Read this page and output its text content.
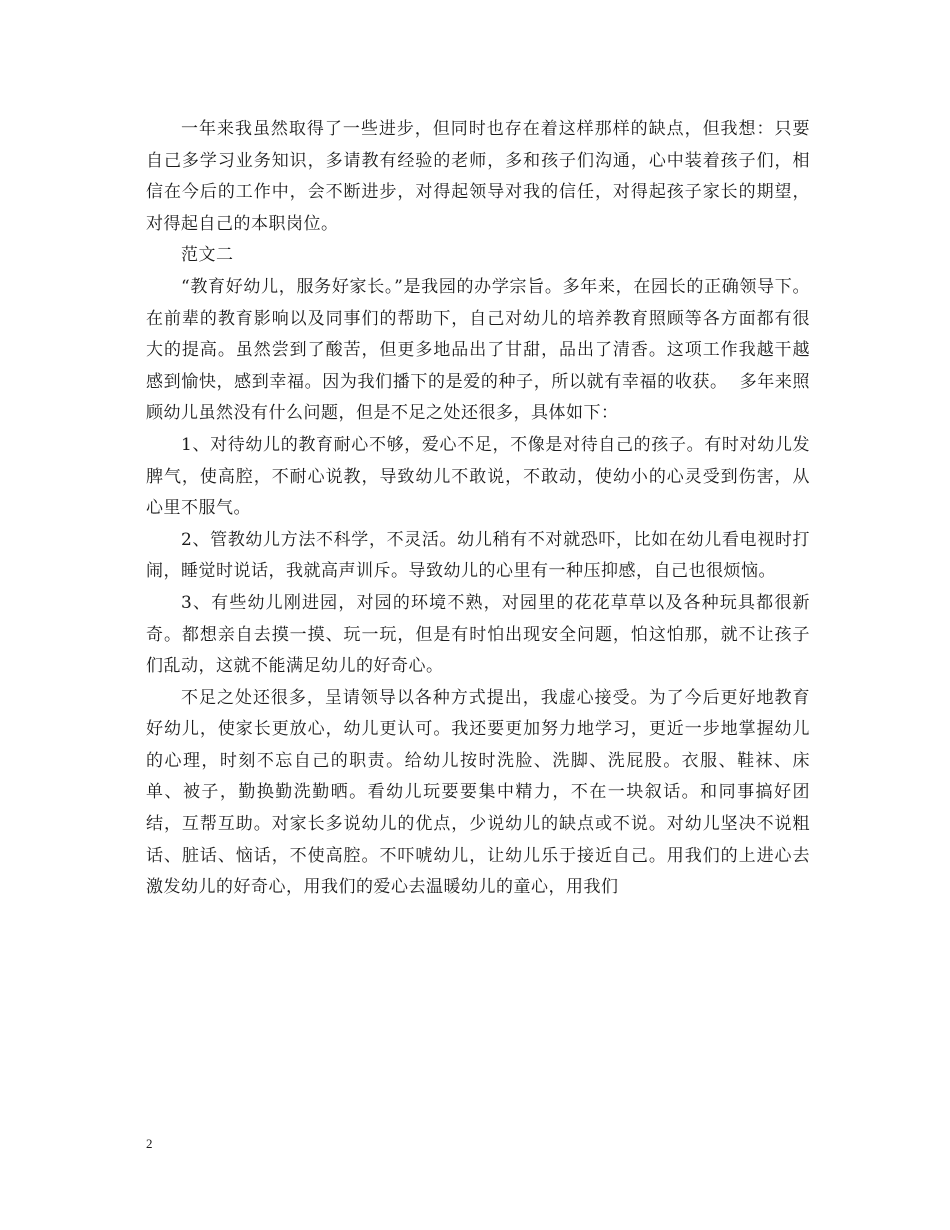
一年来我虽然取得了一些进步，但同时也存在着这样那样的缺点，但我想：只要自己多学习业务知识，多请教有经验的老师，多和孩子们沟通，心中装着孩子们，相信在今后的工作中，会不断进步，对得起领导对我的信任，对得起孩子家长的期望，对得起自己的本职岗位。

范文二

“教育好幼儿，服务好家长。”是我园的办学宗旨。多年来，在园长的正确领导下。在前辈的教育影响以及同事们的帮助下，自己对幼儿的培养教育照顾等各方面都有很大的提高。虽然尝到了酸苦，但更多地品出了甘甜，品出了清香。这项工作我越干越感到愉快，感到幸福。因为我们播下的是爱的种子，所以就有幸福的收获。  多年来照顾幼儿虽然没有什么问题，但是不足之处还很多，具体如下：

1、对待幼儿的教育耐心不够，爱心不足，不像是对待自己的孩子。有时对幼儿发脾气，使高腔，不耐心说教，导致幼儿不敢说，不敢动，使幼小的心灵受到伤害，从心里不服气。

2、管教幼儿方法不科学，不灵活。幼儿稍有不对就恐吓，比如在幼儿看电视时打闹，睡觉时说话，我就高声训斥。导致幼儿的心里有一种压抑感，自己也很烦恼。

3、有些幼儿刚进园，对园的环境不熟，对园里的花花草草以及各种玩具都很新奇。都想亲自去摸一摸、玩一玩，但是有时怕出现安全问题，怕这怕那，就不让孩子们乱动，这就不能满足幼儿的好奇心。

不足之处还很多，呈请领导以各种方式提出，我虚心接受。为了今后更好地教育好幼儿，使家长更放心，幼儿更认可。我还要更加努力地学习，更近一步地掌握幼儿的心理，时刻不忘自己的职责。给幼儿按时洗脸、洗脚、洗屁股。衣服、鞋袜、床单、被子，勤换勤洗勤晒。看幼儿玩要要集中精力，不在一块叙话。和同事搞好团结，互帮互助。对家长多说幼儿的优点，少说幼儿的缺点或不说。对幼儿坚决不说粗话、脏话、恼话，不使高腔。不吓唬幼儿，让幼儿乐于接近自己。用我们的上进心去激发幼儿的好奇心，用我们的爱心去温暖幼儿的童心，用我们

2
